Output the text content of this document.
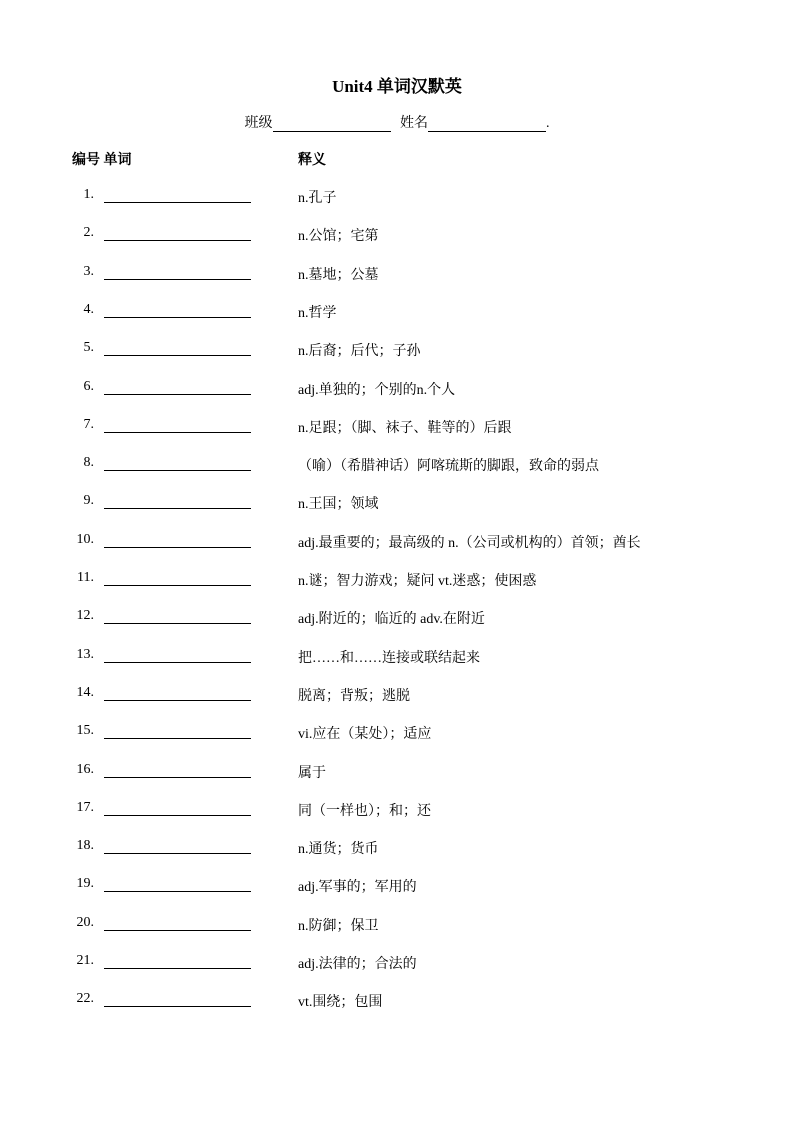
Unit4 单词汉默英
班级	姓名	.
编号 单词	释义
1.	n.孔子
2.	n.公馆；宅第
3.	n.墓地；公墓
4.	n.哲学
5.	n.后裔；后代；子孙
6.	adj.单独的；个别的n.个人
7.	n.足跟；（脚、袜子、鞋等的）后跟
8.	（喻）（希腊神话）阿喀琉斯的脚跟，致命的弱点
9.	n.王国；领域
10.	adj.最重要的；最高级的 n.（公司或机构的）首领；酋长
11.	n.谜；智力游戏；疑问 vt.迷惑；使困惑
12.	adj.附近的；临近的 adv.在附近
13.	把……和……连接或联结起来
14.	脱离；背叛；逃脱
15.	vi.应在（某处）；适应
16.	属于
17.	同（一样也）；和；还
18.	n.通货；货币
19.	adj.军事的；军用的
20.	n.防御；保卫
21.	adj.法律的；合法的
22.	vt.围绕；包围
